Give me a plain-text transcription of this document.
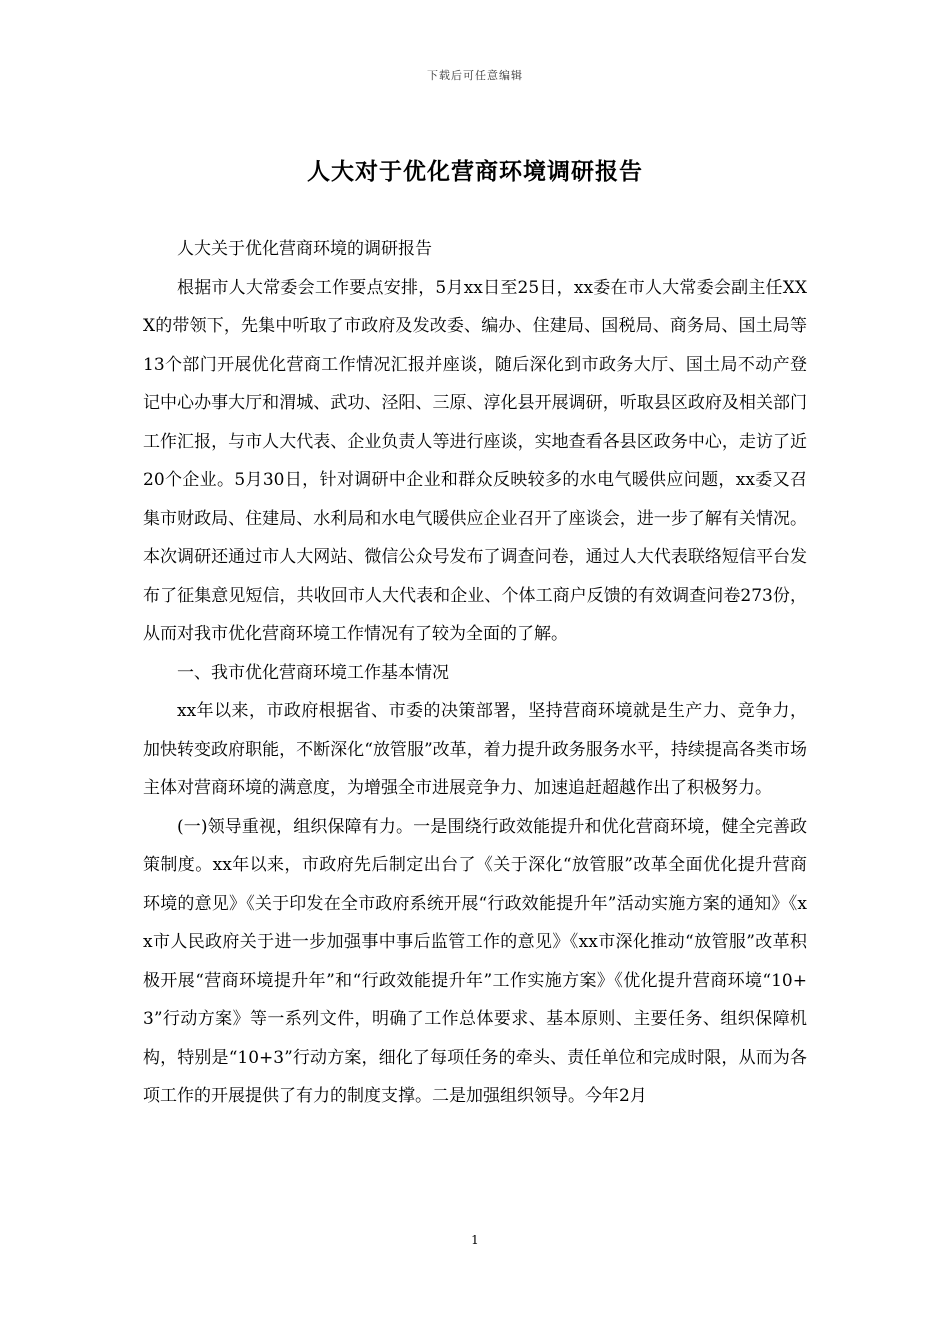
下载后可任意编辑
人大对于优化营商环境调研报告

人大关于优化营商环境的调研报告

根据市人大常委会工作要点安排，5月xx日至25日，xx委在市人大常委会副主任XXX的带领下，先集中听取了市政府及发改委、编办、住建局、国税局、商务局、国土局等13个部门开展优化营商工作情况汇报并座谈，随后深化到市政务大厅、国土局不动产登记中心办事大厅和渭城、武功、泾阳、三原、淳化县开展调研，听取县区政府及相关部门工作汇报，与市人大代表、企业负责人等进行座谈，实地查看各县区政务中心，走访了近20个企业。5月30日，针对调研中企业和群众反映较多的水电气暖供应问题，xx委又召集市财政局、住建局、水利局和水电气暖供应企业召开了座谈会，进一步了解有关情况。本次调研还通过市人大网站、微信公众号发布了调查问卷，通过人大代表联络短信平台发布了征集意见短信，共收回市人大代表和企业、个体工商户反馈的有效调查问卷273份，从而对我市优化营商环境工作情况有了较为全面的了解。

一、我市优化营商环境工作基本情况

xx年以来，市政府根据省、市委的决策部署，坚持营商环境就是生产力、竞争力，加快转变政府职能，不断深化“放管服”改革，着力提升政务服务水平，持续提高各类市场主体对营商环境的满意度，为增强全市进展竞争力、加速追赶超越作出了积极努力。

(一)领导重视，组织保障有力。一是围绕行政效能提升和优化营商环境，健全完善政策制度。xx年以来，市政府先后制定出台了《关于深化“放管服”改革全面优化提升营商环境的意见》《关于印发在全市政府系统开展“行政效能提升年”活动实施方案的通知》《xx市人民政府关于进一步加强事中事后监管工作的意见》《xx市深化推动“放管服”改革积极开展“营商环境提升年”和“行政效能提升年”工作实施方案》《优化提升营商环境“10+3”行动方案》等一系列文件，明确了工作总体要求、基本原则、主要任务、组织保障机构，特别是“10+3”行动方案，细化了每项任务的牵头、责任单位和完成时限，从而为各项工作的开展提供了有力的制度支撑。二是加强组织领导。今年2月

1
